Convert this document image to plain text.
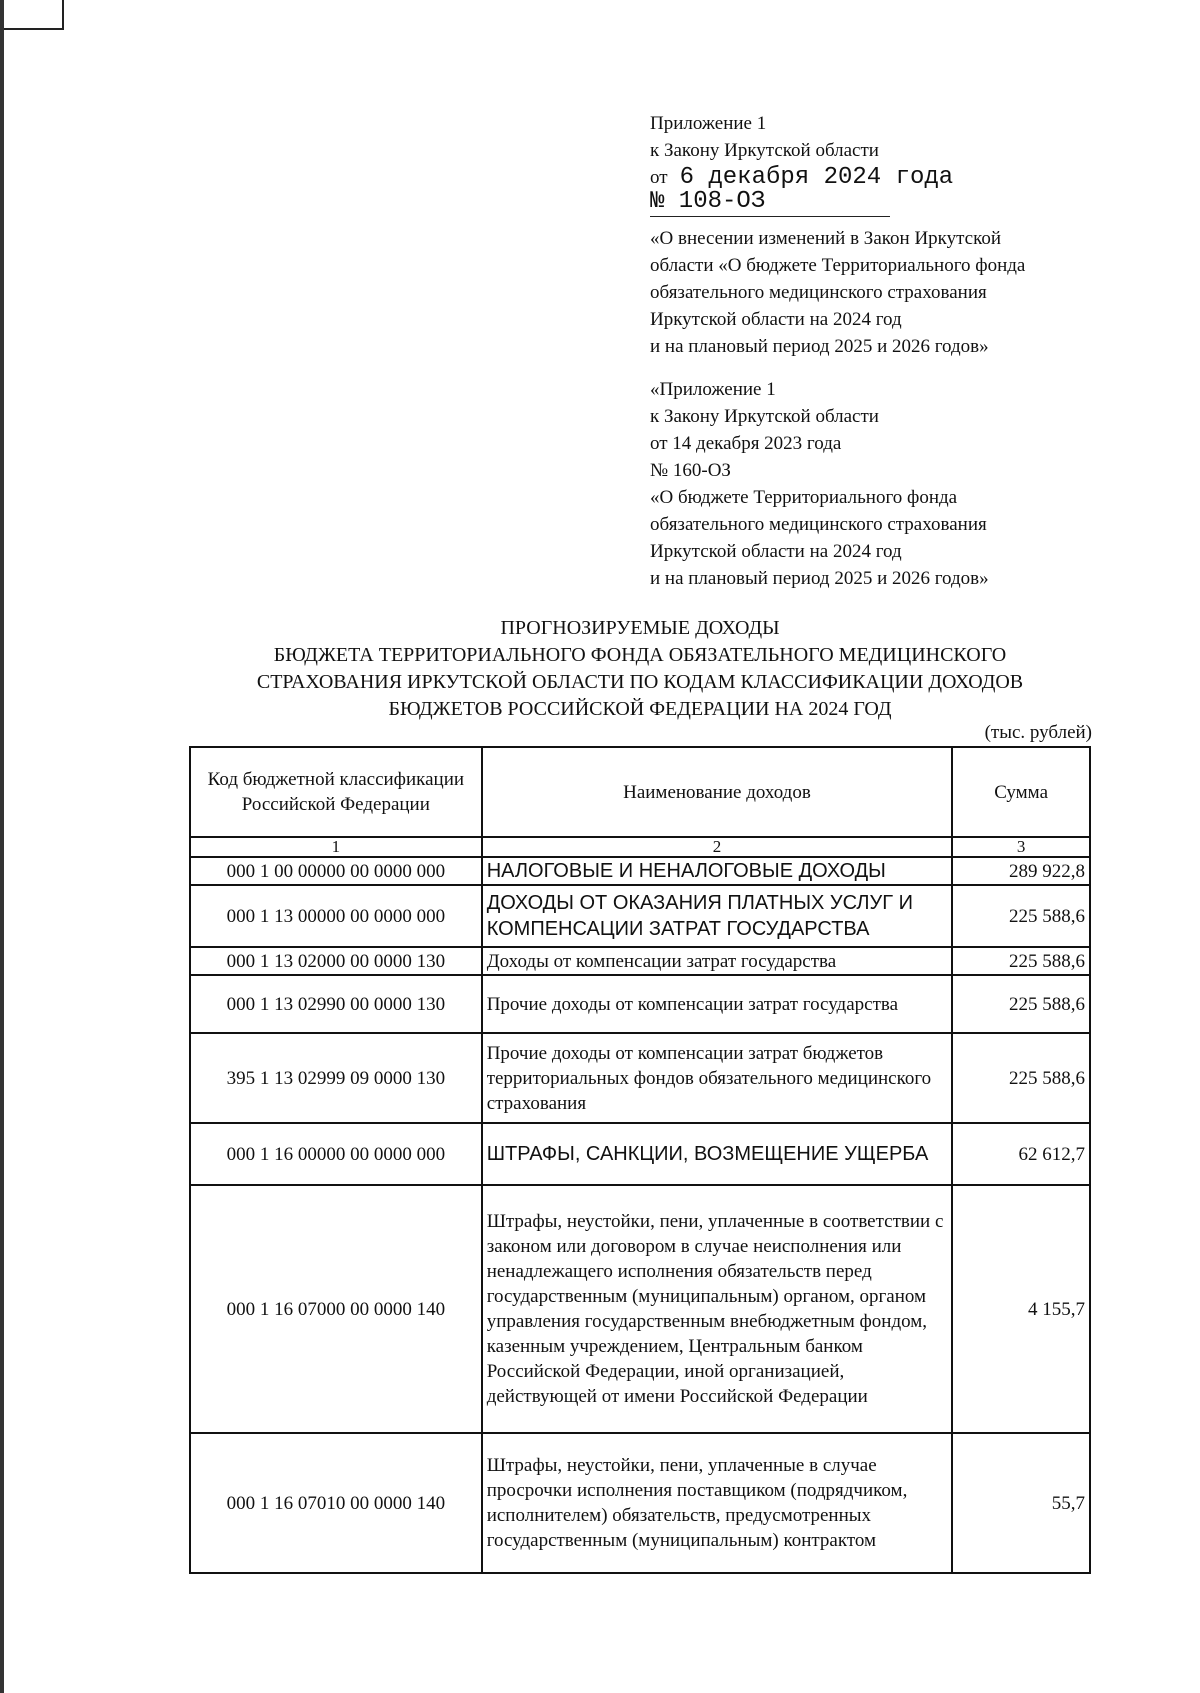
Приложение 1
к Закону Иркутской области
от 6 декабря 2024 года
№ 108-ОЗ
«О внесении изменений в Закон Иркутской
области «О бюджете Территориального фонда
обязательного медицинского страхования
Иркутской области на 2024 год
и на плановый период 2025 и 2026 годов»
«Приложение 1
к Закону Иркутской области
от 14 декабря 2023 года
№ 160-ОЗ
«О бюджете Территориального фонда
обязательного медицинского страхования
Иркутской области на 2024 год
и на плановый период 2025 и 2026 годов»
ПРОГНОЗИРУЕМЫЕ ДОХОДЫ
БЮДЖЕТА ТЕРРИТОРИАЛЬНОГО ФОНДА ОБЯЗАТЕЛЬНОГО МЕДИЦИНСКОГО
СТРАХОВАНИЯ ИРКУТСКОЙ ОБЛАСТИ ПО КОДАМ КЛАССИФИКАЦИИ ДОХОДОВ
БЮДЖЕТОВ РОССИЙСКОЙ ФЕДЕРАЦИИ НА 2024 ГОД
(тыс. рублей)
Код бюджетной классификации Российской Федерации	Наименование доходов	Сумма
1	2	3
000 1 00 00000 00 0000 000	НАЛОГОВЫЕ И НЕНАЛОГОВЫЕ ДОХОДЫ	289 922,8
000 1 13 00000 00 0000 000	ДОХОДЫ ОТ ОКАЗАНИЯ ПЛАТНЫХ УСЛУГ И КОМПЕНСАЦИИ ЗАТРАТ ГОСУДАРСТВА	225 588,6
000 1 13 02000 00 0000 130	Доходы от компенсации затрат государства	225 588,6
000 1 13 02990 00 0000 130	Прочие доходы от компенсации затрат государства	225 588,6
395 1 13 02999 09 0000 130	Прочие доходы от компенсации затрат бюджетов территориальных фондов обязательного медицинского страхования	225 588,6
000 1 16 00000 00 0000 000	ШТРАФЫ, САНКЦИИ, ВОЗМЕЩЕНИЕ УЩЕРБА	62 612,7
000 1 16 07000 00 0000 140	Штрафы, неустойки, пени, уплаченные в соответствии с законом или договором в случае неисполнения или ненадлежащего исполнения обязательств перед государственным (муниципальным) органом, органом управления государственным внебюджетным фондом, казенным учреждением, Центральным банком Российской Федерации, иной организацией, действующей от имени Российской Федерации	4 155,7
000 1 16 07010 00 0000 140	Штрафы, неустойки, пени, уплаченные в случае просрочки исполнения поставщиком (подрядчиком, исполнителем) обязательств, предусмотренных государственным (муниципальным) контрактом	55,7
